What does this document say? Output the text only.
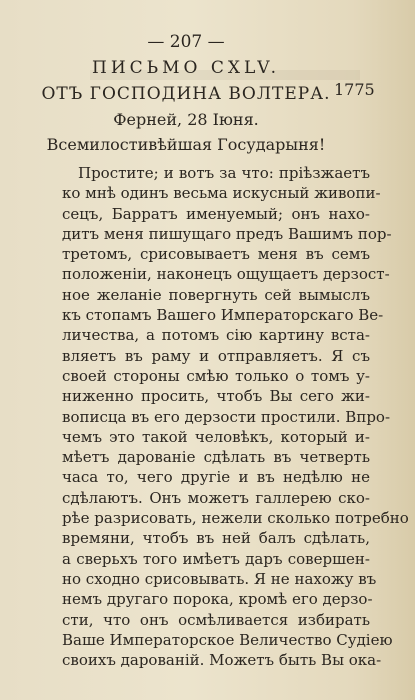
— 207 —
ПИСЬМО CXLV.
ОТЪ ГОСПОДИНА ВОЛТЕРА. 1775
Ферней, 28 Іюня.
Всемилостивѣйшая Государыня!
Простите; и вотъ за что: пріѣзжаетъ
ко мнѣ одинъ весьма искусный живопи-
сецъ, Барратъ именуемый; онъ нахо-
дитъ меня пишущаго предъ Вашимъ пор-
третомъ, срисовываетъ меня въ семъ
положеніи, наконецъ ощущаетъ дерзост-
ное желаніе повергнуть сей вымыслъ
къ стопамъ Вашего Императорскаго Ве-
личества, а потомъ сію картину вста-
вляетъ въ раму и отправляетъ. Я съ
своей стороны смѣю только о томъ у-
ниженно просить, чтобъ Вы сего жи-
вописца въ его дерзости простили. Впро-
чемъ это такой человѣкъ, который и-
мѣетъ дарованіе сдѣлать въ четверть
часа то, чего другіе и въ недѣлю не
сдѣлаютъ. Онъ можетъ галлерею ско-
рѣе разрисовать, нежели сколько потребно
времяни, чтобъ въ ней балъ сдѣлать,
а сверьхъ того имѣетъ даръ совершен-
но сходно срисовывать. Я не нахожу въ
немъ другаго порока, кромѣ его дерзо-
сти, что онъ осмѣливается избирать
Ваше Императорское Величество Судіею
своихъ дарованій. Можетъ быть Вы ока-
